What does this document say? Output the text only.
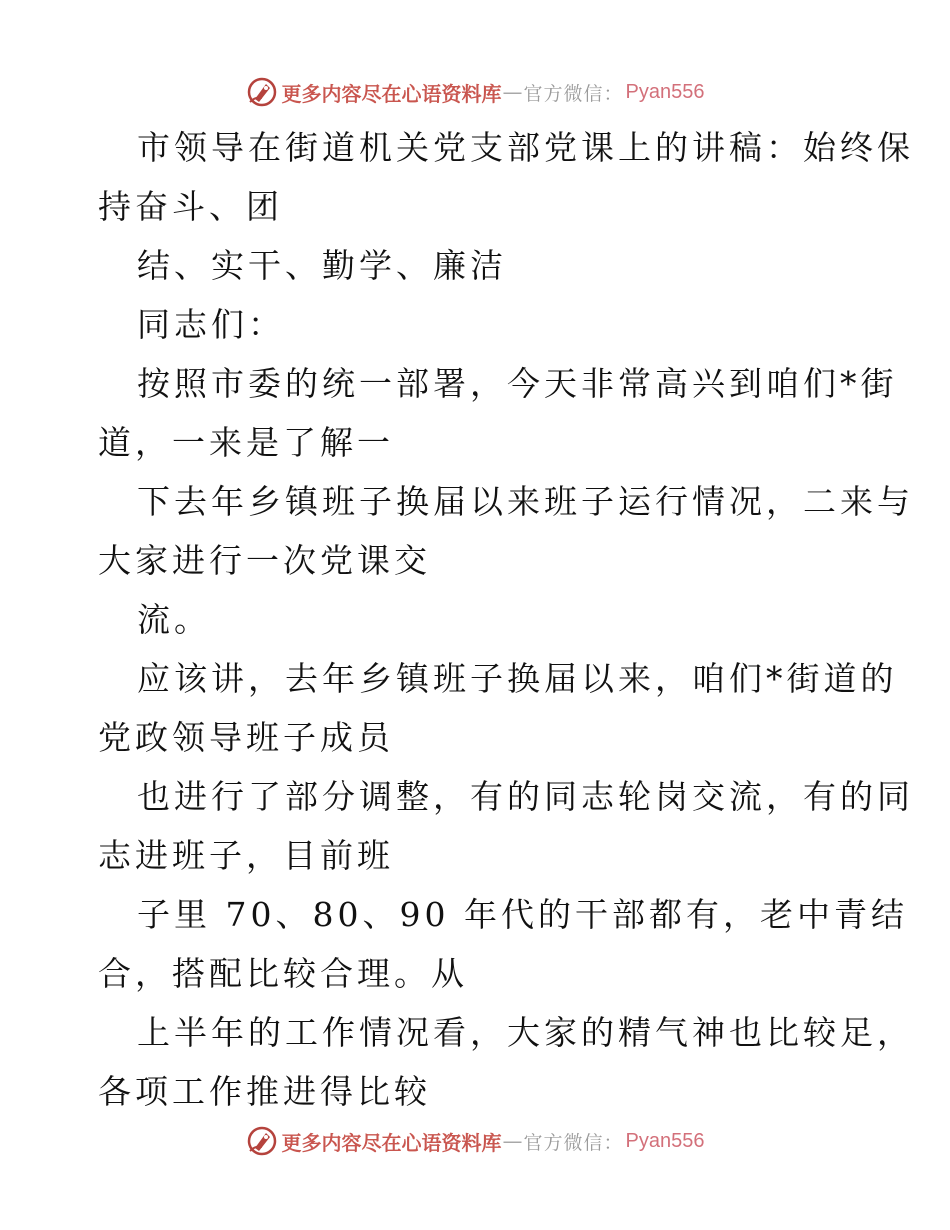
更多内容尽在心语资料库 — 官方微信： Pyan556
市领导在街道机关党支部党课上的讲稿：始终保
持奋斗、团
结、实干、勤学、廉洁
同志们：
按照市委的统一部署，今天非常高兴到咱们*街
道，一来是了解一
下去年乡镇班子换届以来班子运行情况，二来与
大家进行一次党课交
流。
应该讲，去年乡镇班子换届以来，咱们*街道的
党政领导班子成员
也进行了部分调整，有的同志轮岗交流，有的同
志进班子，目前班
子里 70、80、90 年代的干部都有，老中青结
合，搭配比较合理。从
上半年的工作情况看，大家的精气神也比较足，
各项工作推进得比较
更多内容尽在心语资料库 — 官方微信： Pyan556
